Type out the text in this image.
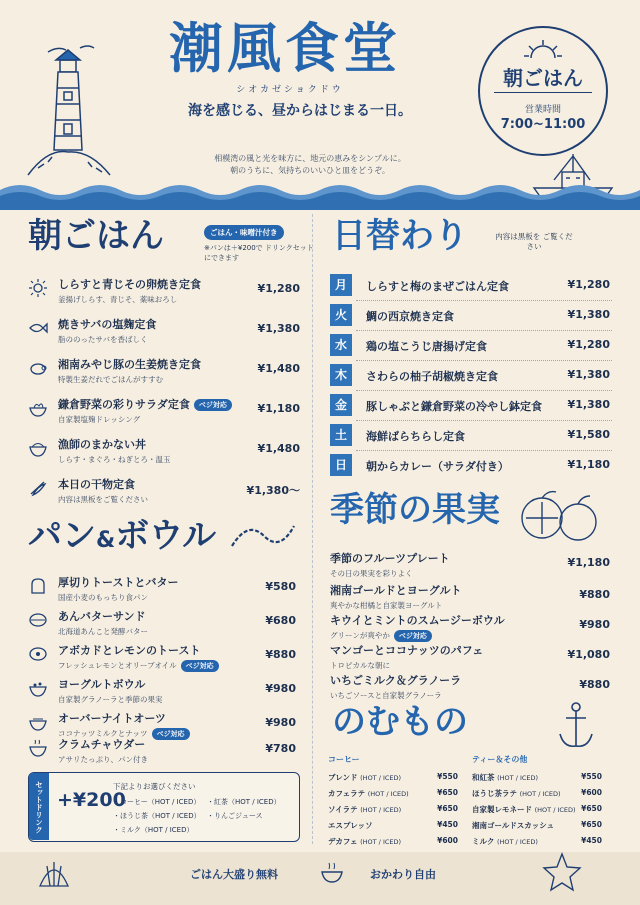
潮風食堂
シオカゼショクドウ
海を感じる、昼からはじまる一日。
相模湾の風と光を味方に、地元の恵みをシンプルに。
朝のうちに、気持ちのいいひと皿をどうぞ。
朝ごはん
営業時間
7:00~11:00
朝ごはん	ごはん・味噌汁付き
※パンは＋¥200で ドリンクセットにできます
しらすと青じその卵焼き定食
釜揚げしらす、青じそ、薬味おろし
¥1,280
焼きサバの塩麹定食
脂ののったサバを香ばしく
¥1,380
湘南みやじ豚の生姜焼き定食
特製生姜だれでごはんがすすむ
¥1,480
鎌倉野菜の彩りサラダ定食 ベジ対応
自家製塩麹ドレッシング
¥1,180
漁師のまかない丼
しらす・まぐろ・ねぎとろ・温玉
¥1,480
本日の干物定食
内容は黒板をご覧ください
¥1,380〜
パン&ボウル
厚切りトーストとバター
国産小麦のもっちり食パン
¥580
あんバターサンド
北海道あんこと発酵バター
¥680
アボカドとレモンのトースト
フレッシュレモンとオリーブオイル ベジ対応
¥880
ヨーグルトボウル
自家製グラノーラと季節の果実
¥980
オーバーナイトオーツ
ココナッツミルクとナッツ ベジ対応
¥980
クラムチャウダー
アサリたっぷり、パン付き
¥780
セットドリンク +¥200
下記よりお選びください
・コーヒー（HOT / ICED） ・紅茶（HOT / ICED）
・ほうじ茶（HOT / ICED） ・りんごジュース
・ミルク（HOT / ICED）
日替わり	内容は黒板を ご覧ください
月	しらすと梅のまぜごはん定食	¥1,280
火	鯛の西京焼き定食	¥1,380
水	鶏の塩こうじ唐揚げ定食	¥1,280
木	さわらの柚子胡椒焼き定食	¥1,380
金	豚しゃぶと鎌倉野菜の冷やし鉢定食 ¥1,380
土	海鮮ばらちらし定食	¥1,580
日	朝からカレー（サラダ付き）	¥1,180
季節の果実
季節のフルーツプレート
その日の果実を彩りよく
¥1,180
湘南ゴールドとヨーグルト
爽やかな柑橘と自家製ヨーグルト
¥880
キウイとミントのスムージーボウル
グリーンが爽やか ベジ対応
¥980
マンゴーとココナッツのパフェ
トロピカルな朝に
¥1,080
いちごミルク＆グラノーラ
いちごソースと自家製グラノーラ
¥880
のむもの
コーヒー	ティー＆その他
ブレンド (HOT / ICED)	¥550
カフェラテ (HOT / ICED)	¥650
ソイラテ (HOT / ICED)	¥650
エスプレッソ	¥450
デカフェ (HOT / ICED)	¥600
和紅茶 (HOT / ICED)	¥550
ほうじ茶ラテ (HOT / ICED)	¥600
自家製レモネード (HOT / ICED) ¥650
湘南ゴールドスカッシュ	¥650
ミルク (HOT / ICED)	¥450
ごはん大盛り無料	おかわり自由
